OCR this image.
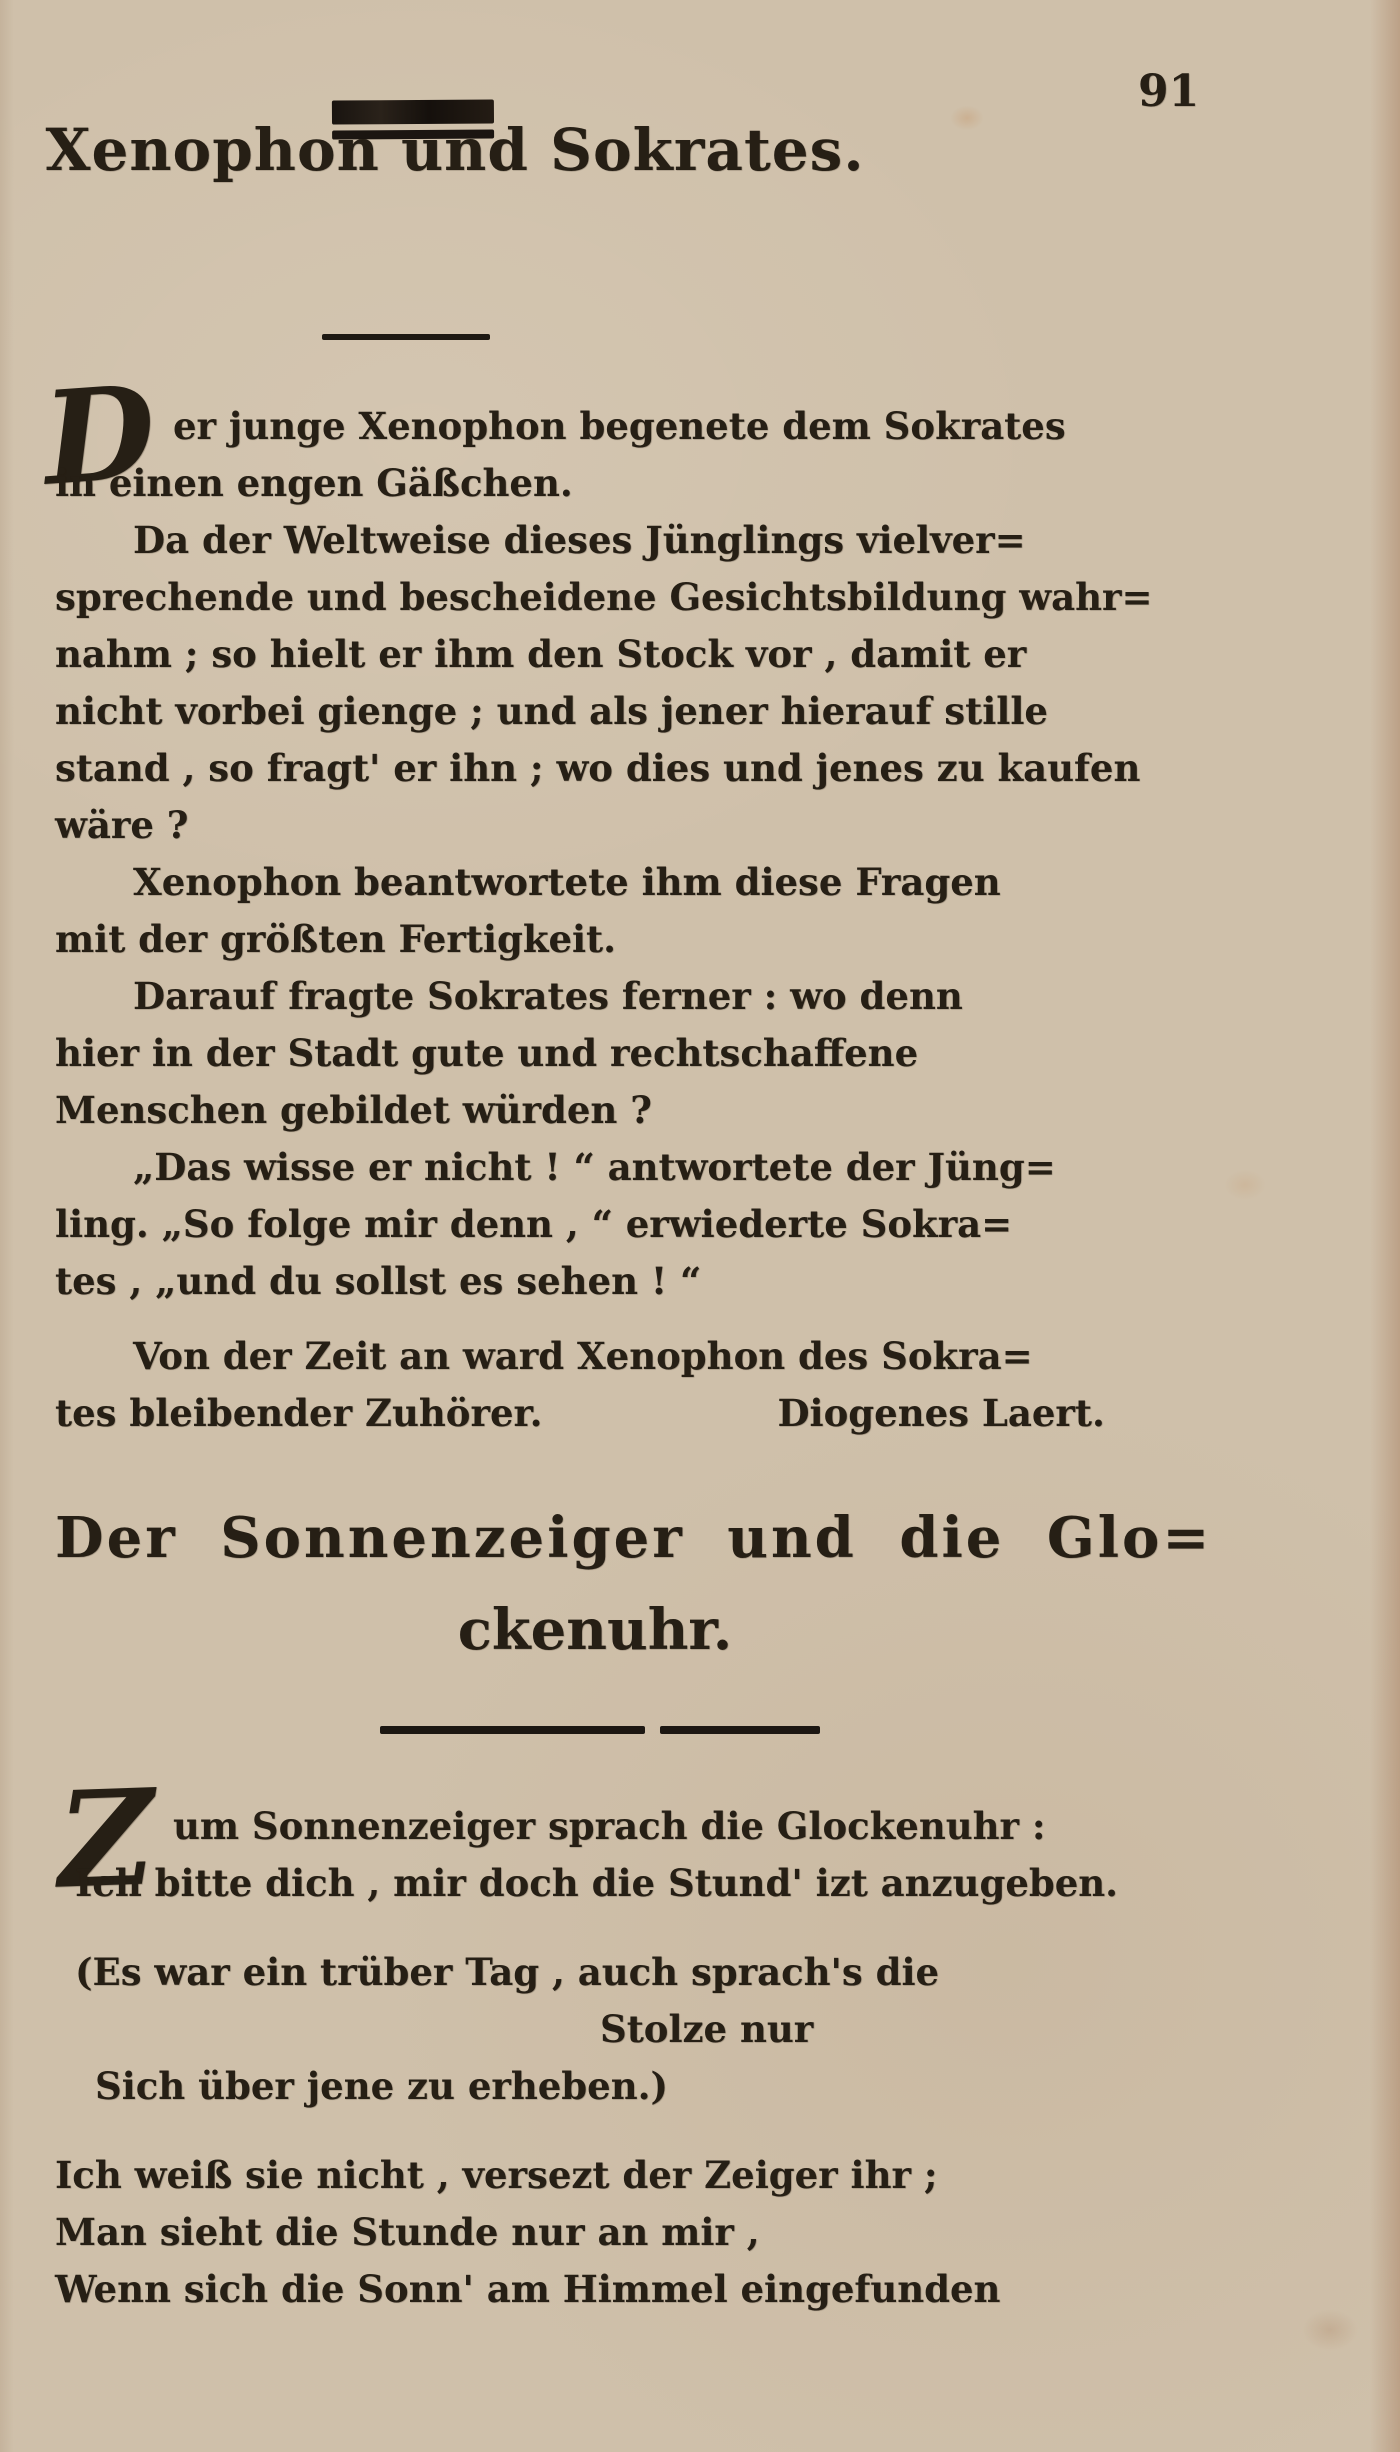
91
Xenophon und Sokrates.
D er junge Xenophon begenete dem Sokrates
in einen engen Gäßchen.
Da der Weltweise dieses Jünglings vielver=
sprechende und bescheidene Gesichtsbildung wahr=
nahm ; so hielt er ihm den Stock vor , damit er
nicht vorbei gienge ; und als jener hierauf stille
stand , so fragt' er ihn ; wo dies und jenes zu kaufen
wäre ?
Xenophon beantwortete ihm diese Fragen
mit der größten Fertigkeit.
Darauf fragte Sokrates ferner : wo denn
hier in der Stadt gute und rechtschaffene
Menschen gebildet würden ?
„Das wisse er nicht ! “ antwortete der Jüng=
ling. „So folge mir denn , “ erwiederte Sokra=
tes , „und du sollst es sehen ! “
Von der Zeit an ward Xenophon des Sokra=
tes bleibender Zuhörer.	Diogenes Laert.
Der Sonnenzeiger und die Glo=
ckenuhr.
Z um Sonnenzeiger sprach die Glockenuhr :
Ich bitte dich , mir doch die Stund' izt anzugeben.
(Es war ein trüber Tag , auch sprach's die
Stolze nur
Sich über jene zu erheben.)
Ich weiß sie nicht , versezt der Zeiger ihr ;
Man sieht die Stunde nur an mir ,
Wenn sich die Sonn' am Himmel eingefunden
